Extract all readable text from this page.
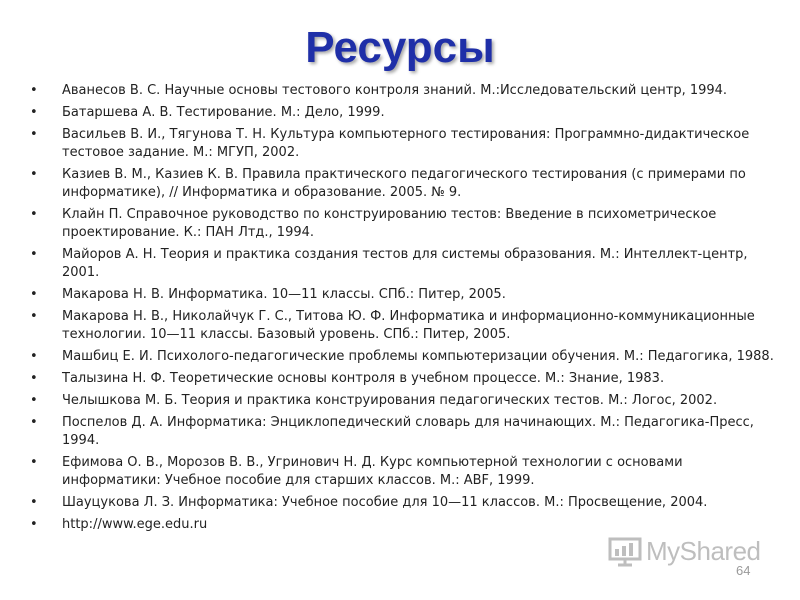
Ресурсы
• Аванесов В. С. Научные основы тестового контроля знаний. М.:Исследовательский центр, 1994.
• Батаршева А. В. Тестирование. М.: Дело, 1999.
• Васильев В. И., Тягунова Т. Н. Культура компьютерного тестирования: Программно-дидактическое тестовое задание. М.: МГУП, 2002.
• Казиев В. М., Казиев К. В. Правила практического педагогического тестирования (с примерами по информатике), // Информатика и образование. 2005. № 9.
• Клайн П. Справочное руководство по конструированию тестов: Введение в психометрическое проектирование. К.: ПАН Лтд., 1994.
• Майоров А. Н. Теория и практика создания тестов для системы образования. М.: Интеллект-центр, 2001.
• Макарова Н. В. Информатика. 10—11 классы. СПб.: Питер, 2005.
• Макарова Н. В., Николайчук Г. С., Титова Ю. Ф. Информатика и информационно-коммуникационные технологии. 10—11 классы. Базовый уровень. СПб.: Питер, 2005.
• Машбиц Е. И. Психолого-педагогические проблемы компьютеризации обучения. М.: Педагогика, 1988.
• Талызина Н. Ф. Теоретические основы контроля в учебном процессе. М.: Знание, 1983.
• Челышкова М. Б. Теория и практика конструирования педагогических тестов. М.: Логос, 2002.
• Поспелов Д. А. Информатика: Энциклопедический словарь для начинающих. М.: Педагогика-Пресс, 1994.
• Ефимова О. В., Морозов В. В., Угринович Н. Д. Курс компьютерной технологии с основами информатики: Учебное пособие для старших классов. М.: ABF, 1999.
• Шауцукова Л. З. Информатика: Учебное пособие для 10—11 классов. М.: Просвещение, 2004.
• http://www.ege.edu.ru
MyShared
64
